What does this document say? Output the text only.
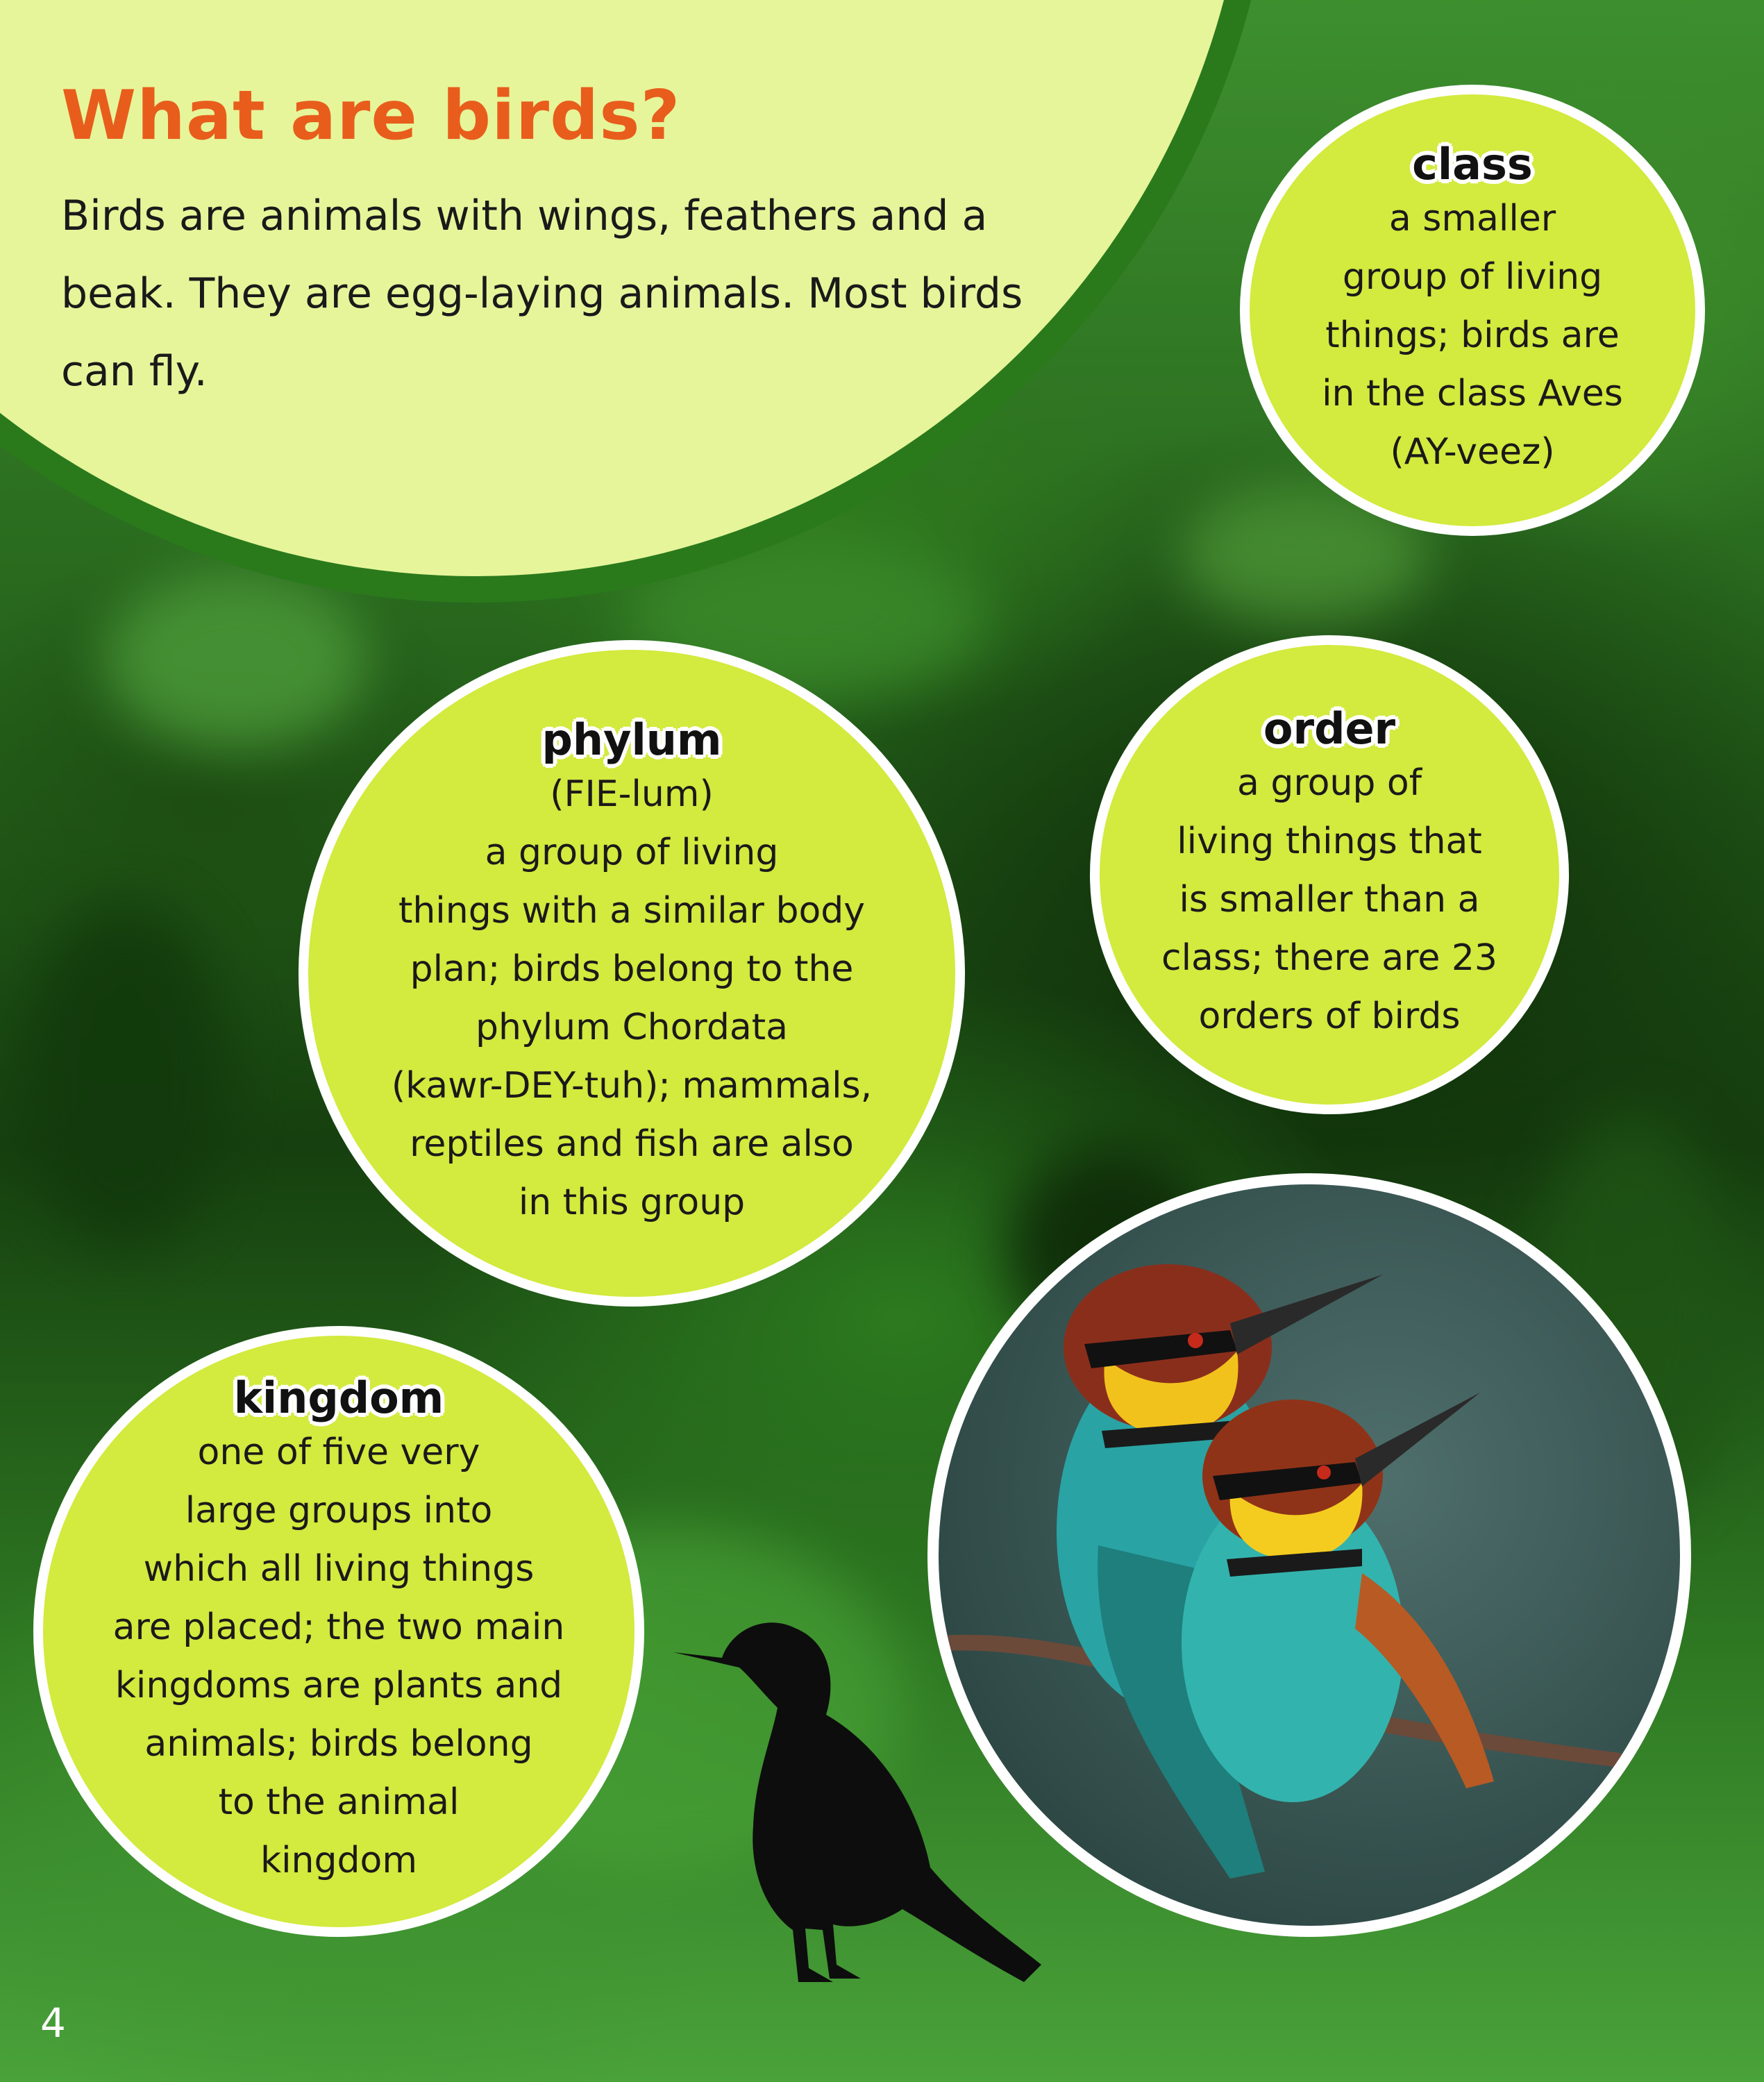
What are birds?

Birds are animals with wings, feathers and a beak. They are egg-laying animals. Most birds can fly.

class

a smaller

group of living

things; birds are

in the class Aves

(AY-veez)

phylum

(FIE-lum)

a group of living

things with a similar body

plan; birds belong to the

phylum Chordata

(kawr-DEY-tuh); mammals,

reptiles and fish are also

in this group

order

a group of

living things that

is smaller than a

class; there are 23

orders of birds

kingdom

one of five very

large groups into

which all living things

are placed; the two main

kingdoms are plants and

animals; birds belong

to the animal

kingdom

4
